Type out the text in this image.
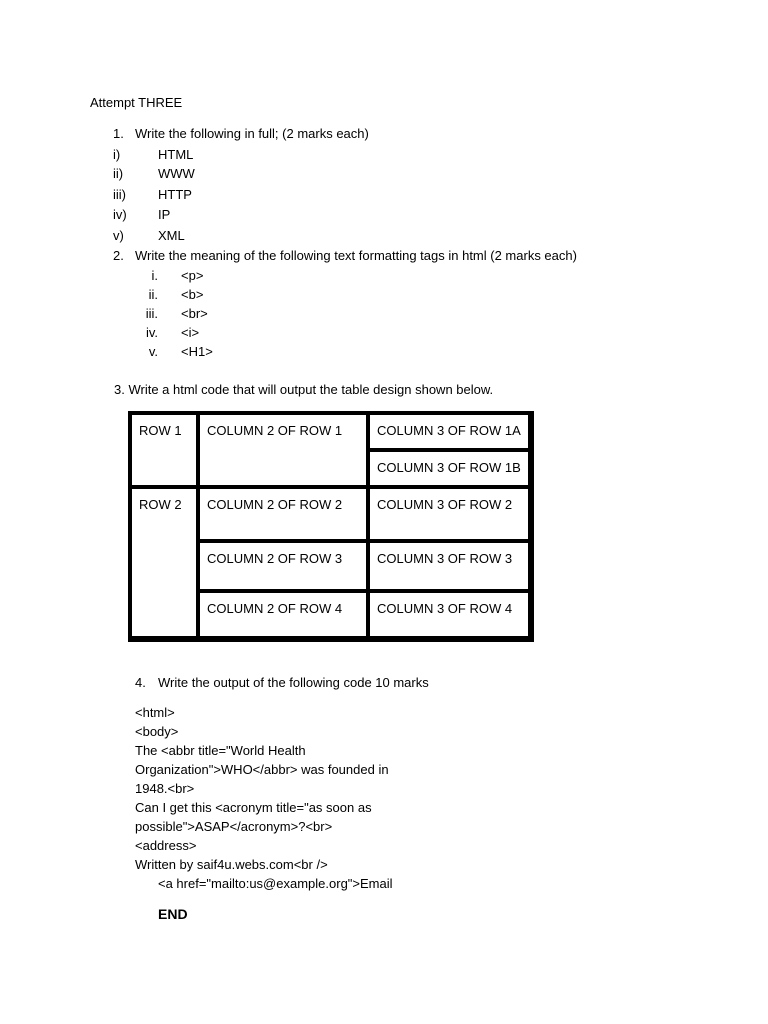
Attempt THREE
1. Write the following in full; (2 marks each)
i)	HTML
ii)	WWW
iii) HTTP
iv) IP
v)	XML
2. Write the meaning of the following text formatting tags in html (2 marks each)
i. <p>
ii. <b>
iii. <br>
iv. <i>
v. <H1>
3. Write a html code that will output the table design shown below.
ROW 1	COLUMN 2 OF ROW 1	COLUMN 3 OF ROW 1A
COLUMN 3 OF ROW 1B
ROW 2	COLUMN 2 OF ROW 2	COLUMN 3 OF ROW 2
COLUMN 2 OF ROW 3	COLUMN 3 OF ROW 3
COLUMN 2 OF ROW 4	COLUMN 3 OF ROW 4
4. Write the output of the following code 10 marks
<html>
<body>
The <abbr title="World Health
Organization">WHO</abbr> was founded in
1948.<br>
Can I get this <acronym title="as soon as
possible">ASAP</acronym>?<br>
<address>
Written by saif4u.webs.com<br />
<a href="mailto:us@example.org">Email
END
